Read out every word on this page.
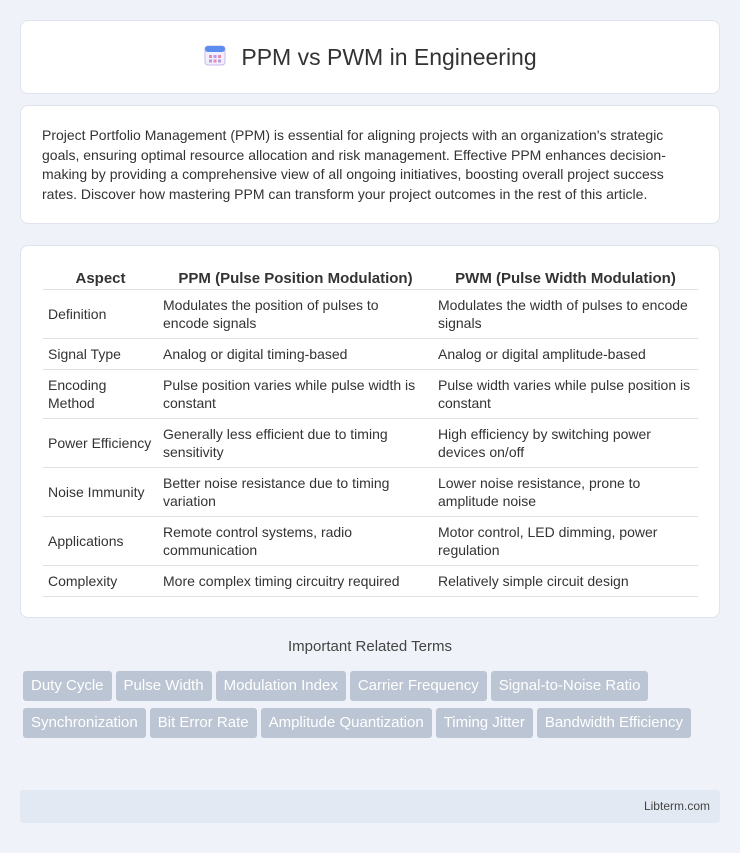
PPM vs PWM in Engineering

Project Portfolio Management (PPM) is essential for aligning projects with an organization's strategic goals, ensuring optimal resource allocation and risk management. Effective PPM enhances decision-making by providing a comprehensive view of all ongoing initiatives, boosting overall project success rates. Discover how mastering PPM can transform your project outcomes in the rest of this article.

Aspect	PPM (Pulse Position Modulation)	PWM (Pulse Width Modulation)
Definition	Modulates the position of pulses to encode signals	Modulates the width of pulses to encode signals
Signal Type	Analog or digital timing-based	Analog or digital amplitude-based
Encoding Method	Pulse position varies while pulse width is constant	Pulse width varies while pulse position is constant
Power Efficiency	Generally less efficient due to timing sensitivity	High efficiency by switching power devices on/off
Noise Immunity	Better noise resistance due to timing variation	Lower noise resistance, prone to amplitude noise
Applications	Remote control systems, radio communication	Motor control, LED dimming, power regulation
Complexity	More complex timing circuitry required	Relatively simple circuit design
Important Related Terms
Duty Cycle Pulse Width Modulation Index Carrier Frequency Signal-to-Noise RatioSynchronization Bit Error Rate Amplitude Quantization Timing Jitter Bandwidth Efficiency
Libterm.com
